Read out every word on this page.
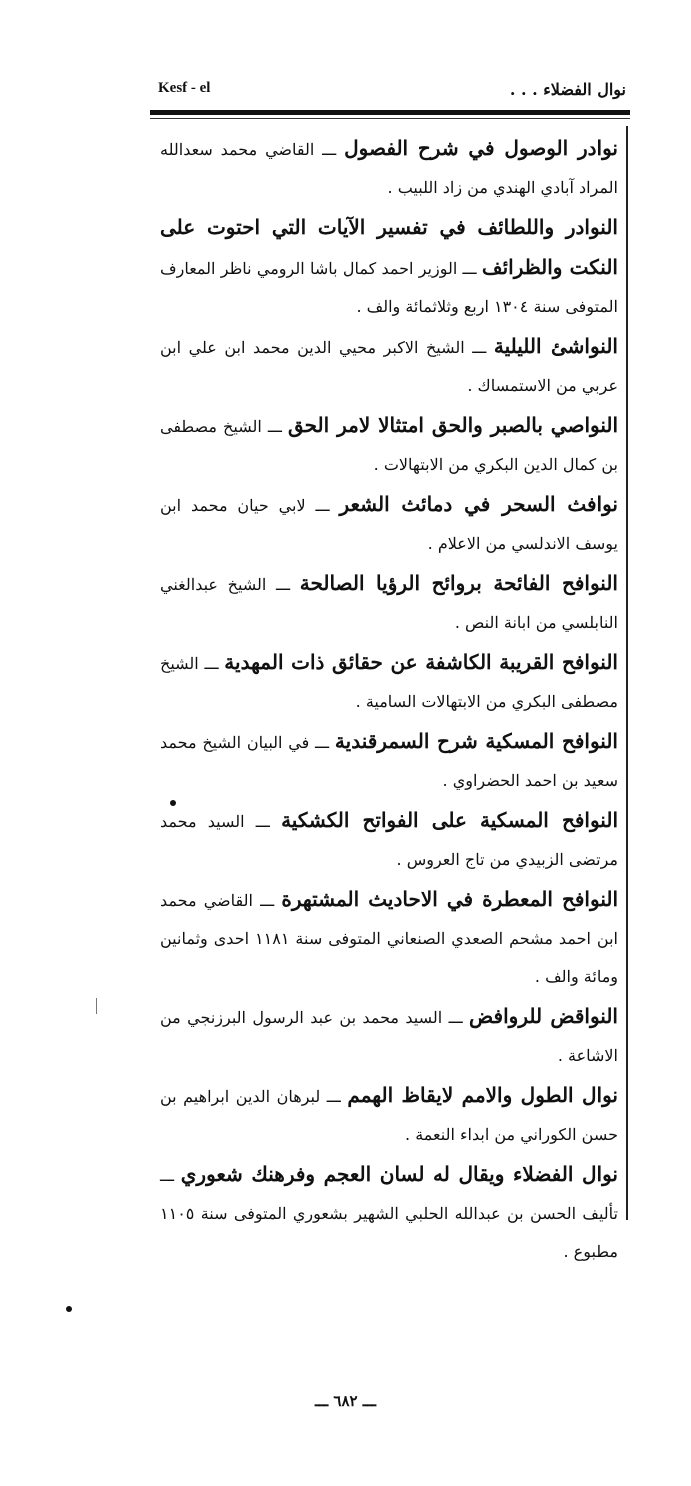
نوال الفضلاء . . .
Kesf - el

نوادر الوصول في شرح الفصول ـــ القاضي محمد سعدالله المراد آبادي الهندي من زاد اللبيب .

النوادر واللطائف في تفسير الآيات التي احتوت على النكت والظرائف ـــ الوزير احمد كمال باشا الرومي ناظر المعارف المتوفى سنة ١٣٠٤ اربع وثلاثمائة والف .

النواشئ الليلية ـــ الشيخ الاكبر محيي الدين محمد ابن علي ابن عربي من الاستمساك .

النواصي بالصبر والحق امتثالا لامر الحق ـــ الشيخ مصطفى بن كمال الدين البكري من الابتهالات .

نوافث السحر في دمائث الشعر ـــ لابي حيان محمد ابن يوسف الاندلسي من الاعلام .

النوافح الفائحة بروائح الرؤيا الصالحة ـــ الشيخ عبدالغني النابلسي من ابانة النص .

النوافح القريبة الكاشفة عن حقائق ذات المهدية ـــ الشيخ مصطفى البكري من الابتهالات السامية .

النوافح المسكية شرح السمرقندية ـــ في البيان الشيخ محمد سعيد بن احمد الحضراوي .

النوافح المسكية على الفواتح الكشكية ـــ السيد محمد مرتضى الزبيدي من تاج العروس .

النوافح المعطرة في الاحاديث المشتهرة ـــ القاضي محمد ابن احمد مشحم الصعدي الصنعاني المتوفى سنة ١١٨١ احدى وثمانين ومائة والف .

النواقض للروافض ـــ السيد محمد بن عبد الرسول البرزنجي من الاشاعة .

نوال الطول والامم لايقاظ الهمم ـــ لبرهان الدين ابراهيم بن حسن الكوراني من ابداء النعمة .

نوال الفضلاء ويقال له لسان العجم وفرهنك شعوري ـــ تأليف الحسن بن عبدالله الحلبي الشهير بشعوري المتوفى سنة ١١٠٥ مطبوع .

ـــ ٦٨٢ ـــ
